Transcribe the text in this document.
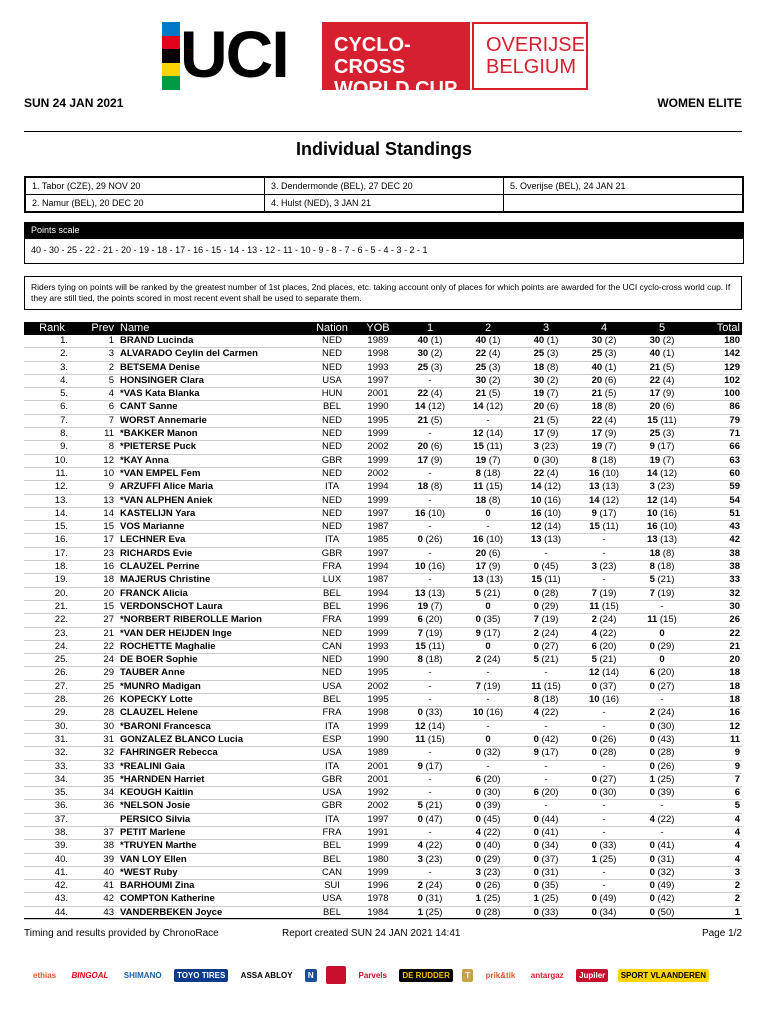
UCI CYCLO-CROSS
WORLD CUP
OVERIJSE
BELGIUM
SUN 24 JAN 2021	WOMEN ELITE
Individual Standings
1. Tabor (CZE), 29 NOV 20	3. Dendermonde (BEL), 27 DEC 20	5. Overijse (BEL), 24 JAN 21
2. Namur (BEL), 20 DEC 20	4. Hulst (NED), 3 JAN 21	
Points scale
40 - 30 - 25 - 22 - 21 - 20 - 19 - 18 - 17 - 16 - 15 - 14 - 13 - 12 - 11 - 10 - 9 - 8 - 7 - 6 - 5 - 4 - 3 - 2 - 1
Riders tying on points will be ranked by the greatest number of 1st places, 2nd places, etc. taking account only of places for which points are awarded for the UCI cyclo-cross world cup. If they are still tied, the points scored in most recent event shall be used to separate them.
Rank	Prev Name	Nation	YOB	1	2	3	4	5	Total
1.	1 BRAND Lucinda	NED	1989	40 (1)	40 (1)	40 (1)	30 (2)	30 (2)	180
2.	3 ALVARADO Ceylin del Carmen	NED	1998	30 (2)	22 (4)	25 (3)	25 (3)	40 (1)	142
3.	2 BETSEMA Denise	NED	1993	25 (3)	25 (3)	18 (8)	40 (1)	21 (5)	129
4.	5 HONSINGER Clara	USA	1997	-	30 (2)	30 (2)	20 (6)	22 (4)	102
5.	4 *VAS Kata Blanka	HUN	2001	22 (4)	21 (5)	19 (7)	21 (5)	17 (9)	100
6.	6 CANT Sanne	BEL	1990	14 (12)	14 (12)	20 (6)	18 (8)	20 (6)	86
7.	7 WORST Annemarie	NED	1995	21 (5)	-	21 (5)	22 (4)	15 (11)	79
8.	11 *BAKKER Manon	NED	1999	-	12 (14)	17 (9)	17 (9)	25 (3)	71
9.	8 *PIETERSE Puck	NED	2002	20 (6)	15 (11)	3 (23)	19 (7)	9 (17)	66
10.	12 *KAY Anna	GBR	1999	17 (9)	19 (7)	0 (30)	8 (18)	19 (7)	63
11.	10 *VAN EMPEL Fem	NED	2002	-	8 (18)	22 (4)	16 (10)	14 (12)	60
12.	9 ARZUFFI Alice Maria	ITA	1994	18 (8)	11 (15)	14 (12)	13 (13)	3 (23)	59
13.	13 *VAN ALPHEN Aniek	NED	1999	-	18 (8)	10 (16)	14 (12)	12 (14)	54
14.	14 KASTELIJN Yara	NED	1997	16 (10)	0	16 (10)	9 (17)	10 (16)	51
15.	15 VOS Marianne	NED	1987	-	-	12 (14)	15 (11)	16 (10)	43
16.	17 LECHNER Eva	ITA	1985	0 (26)	16 (10)	13 (13)	-	13 (13)	42
17.	23 RICHARDS Evie	GBR	1997	-	20 (6)	-	-	18 (8)	38
18.	16 CLAUZEL Perrine	FRA	1994	10 (16)	17 (9)	0 (45)	3 (23)	8 (18)	38
19.	18 MAJERUS Christine	LUX	1987	-	13 (13)	15 (11)	-	5 (21)	33
20.	20 FRANCK Alicia	BEL	1994	13 (13)	5 (21)	0 (28)	7 (19)	7 (19)	32
21.	15 VERDONSCHOT Laura	BEL	1996	19 (7)	0	0 (29)	11 (15)	-	30
22.	27 *NORBERT RIBEROLLE Marion	FRA	1999	6 (20)	0 (35)	7 (19)	2 (24)	11 (15)	26
23.	21 *VAN DER HEIJDEN Inge	NED	1999	7 (19)	9 (17)	2 (24)	4 (22)	0	22
24.	22 ROCHETTE Maghalie	CAN	1993	15 (11)	0	0 (27)	6 (20)	0 (29)	21
25.	24 DE BOER Sophie	NED	1990	8 (18)	2 (24)	5 (21)	5 (21)	0	20
26.	29 TAUBER Anne	NED	1995	-	-	-	12 (14)	6 (20)	18
27.	25 *MUNRO Madigan	USA	2002	-	7 (19)	11 (15)	0 (37)	0 (27)	18
28.	26 KOPECKY Lotte	BEL	1995	-	-	8 (18)	10 (16)	-	18
29.	28 CLAUZEL Helene	FRA	1998	0 (33)	10 (16)	4 (22)	-	2 (24)	16
30.	30 *BARONI Francesca	ITA	1999	12 (14)	-	-	-	0 (30)	12
31.	31 GONZALEZ BLANCO Lucia	ESP	1990	11 (15)	0	0 (42)	0 (26)	0 (43)	11
32.	32 FAHRINGER Rebecca	USA	1989	-	0 (32)	9 (17)	0 (28)	0 (28)	9
33.	33 *REALINI Gaia	ITA	2001	9 (17)	-	-	-	0 (26)	9
34.	35 *HARNDEN Harriet	GBR	2001	-	6 (20)	-	0 (27)	1 (25)	7
35.	34 KEOUGH Kaitlin	USA	1992	-	0 (30)	6 (20)	0 (30)	0 (39)	6
36.	36 *NELSON Josie	GBR	2002	5 (21)	0 (39)	-	-	-	5
37.	PERSICO Silvia	ITA	1997	0 (47)	0 (45)	0 (44)	-	4 (22)	4
38.	37 PETIT Marlene	FRA	1991	-	4 (22)	0 (41)	-	-	4
39.	38 *TRUYEN Marthe	BEL	1999	4 (22)	0 (40)	0 (34)	0 (33)	0 (41)	4
40.	39 VAN LOY Ellen	BEL	1980	3 (23)	0 (29)	0 (37)	1 (25)	0 (31)	4
41.	40 *WEST Ruby	CAN	1999	-	3 (23)	0 (31)	-	0 (32)	3
42.	41 BARHOUMI Zina	SUI	1996	2 (24)	0 (26)	0 (35)	-	0 (49)	2
43.	42 COMPTON Katherine	USA	1978	0 (31)	1 (25)	1 (25)	0 (49)	0 (42)	2
44.	43 VANDERBEKEN Joyce	BEL	1984	1 (25)	0 (28)	0 (33)	0 (34)	0 (50)	1
Timing and results provided by ChronoRace	Report created SUN 24 JAN 2021 14:41	Page 1/2
ethias	BINGOAL	SHIMANO	TOYO TIRES	ASSA ABLOY	N	Parvels	DE RUDDER	T	prik&tik	antargaz	Jupiler	SPORT VLAANDEREN
